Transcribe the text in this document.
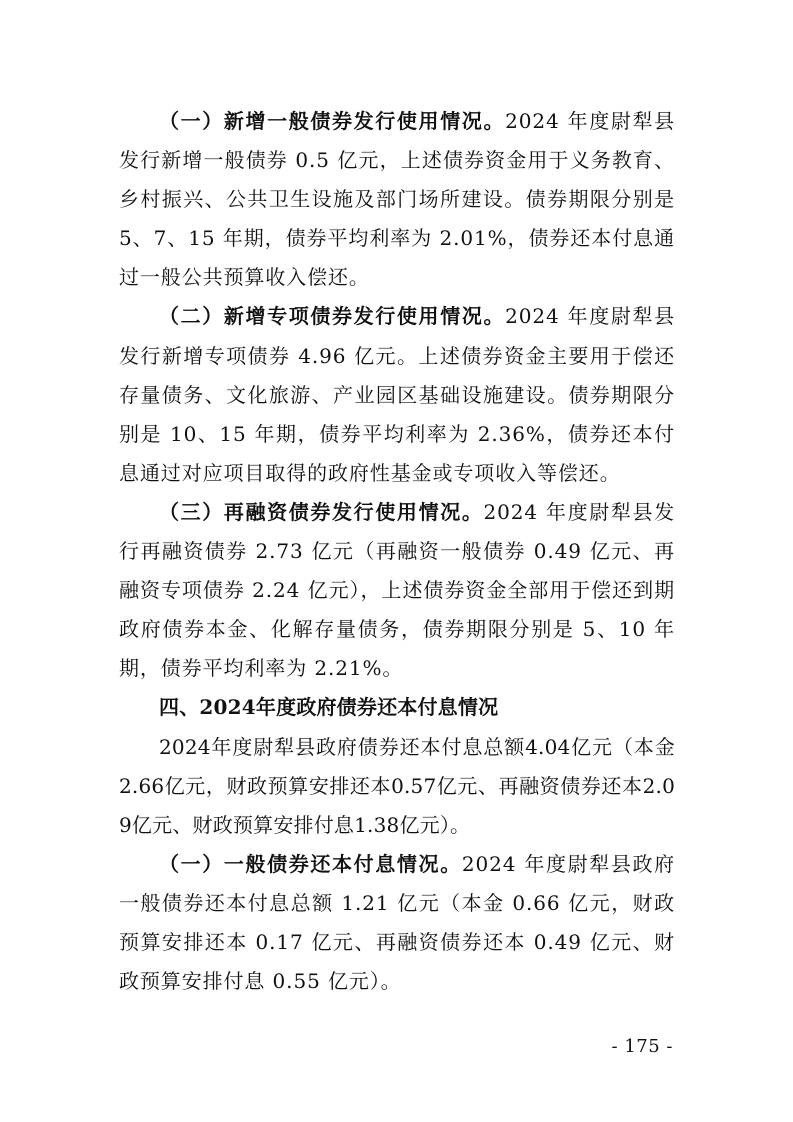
（一）新增一般债券发行使用情况。2024 年度尉犁县发行新增一般债券 0.5 亿元，上述债券资金用于义务教育、乡村振兴、公共卫生设施及部门场所建设。债券期限分别是 5、7、15 年期，债券平均利率为 2.01%，债券还本付息通过一般公共预算收入偿还。

（二）新增专项债券发行使用情况。2024 年度尉犁县发行新增专项债券 4.96 亿元。上述债券资金主要用于偿还存量债务、文化旅游、产业园区基础设施建设。债券期限分别是 10、15 年期，债券平均利率为 2.36%，债券还本付息通过对应项目取得的政府性基金或专项收入等偿还。

（三）再融资债券发行使用情况。2024 年度尉犁县发行再融资债券 2.73 亿元（再融资一般债券 0.49 亿元、再融资专项债券 2.24 亿元），上述债券资金全部用于偿还到期政府债券本金、化解存量债务，债券期限分别是 5、10 年期，债券平均利率为 2.21%。

四、2024年度政府债券还本付息情况

2024年度尉犁县政府债券还本付息总额4.04亿元（本金2.66亿元，财政预算安排还本0.57亿元、再融资债券还本2.09亿元、财政预算安排付息1.38亿元）。

（一）一般债券还本付息情况。2024 年度尉犁县政府一般债券还本付息总额 1.21 亿元（本金 0.66 亿元，财政预算安排还本 0.17 亿元、再融资债券还本 0.49 亿元、财政预算安排付息 0.55 亿元）。

- 175 -
